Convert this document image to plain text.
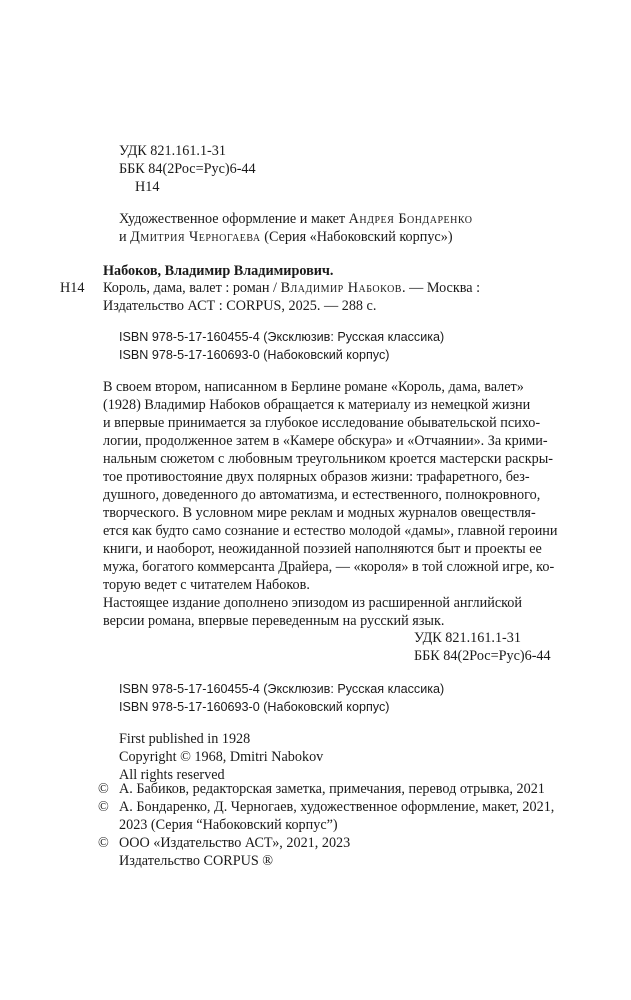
УДК 821.161.1-31
ББК 84(2Рос=Рус)6-44
Н14
Художественное оформление и макет Андрея Бондаренко
и Дмитрия Черногаева (Серия «Набоковский корпус»)
Набоков, Владимир Владимирович.
Н14 Король, дама, валет : роман / Владимир Набоков. — Москва :
Издательство АСТ : CORPUS, 2025. — 288 с.
ISBN 978-5-17-160455-4 (Эксклюзив: Русская классика)
ISBN 978-5-17-160693-0 (Набоковский корпус)
В своем втором, написанном в Берлине романе «Король, дама, валет»
(1928) Владимир Набоков обращается к материалу из немецкой жизни
и впервые принимается за глубокое исследование обывательской психо-
логии, продолженное затем в «Камере обскура» и «Отчаянии». За крими-
нальным сюжетом с любовным треугольником кроется мастерски раскры-
тое противостояние двух полярных образов жизни: трафаретного, без-
душного, доведенного до автоматизма, и естественного, полнокровного,
творческого. В условном мире реклам и модных журналов овеществля-
ется как будто само сознание и естество молодой «дамы», главной героини
книги, и наоборот, неожиданной поэзией наполняются быт и проекты ее
мужа, богатого коммерсанта Драйера, — «короля» в той сложной игре, ко-
торую ведет с читателем Набоков.
Настоящее издание дополнено эпизодом из расширенной английской
версии романа, впервые переведенным на русский язык.
УДК 821.161.1-31
ББК 84(2Рос=Рус)6-44
ISBN 978-5-17-160455-4 (Эксклюзив: Русская классика)
ISBN 978-5-17-160693-0 (Набоковский корпус)
First published in 1928
Copyright © 1968, Dmitri Nabokov
All rights reserved
© А. Бабиков, редакторская заметка, примечания, перевод отрывка, 2021
© А. Бондаренко, Д. Черногаев, художественное оформление, макет, 2021,
2023 (Серия “Набоковский корпус”)
© ООО «Издательство АСТ», 2021, 2023
Издательство CORPUS ®
